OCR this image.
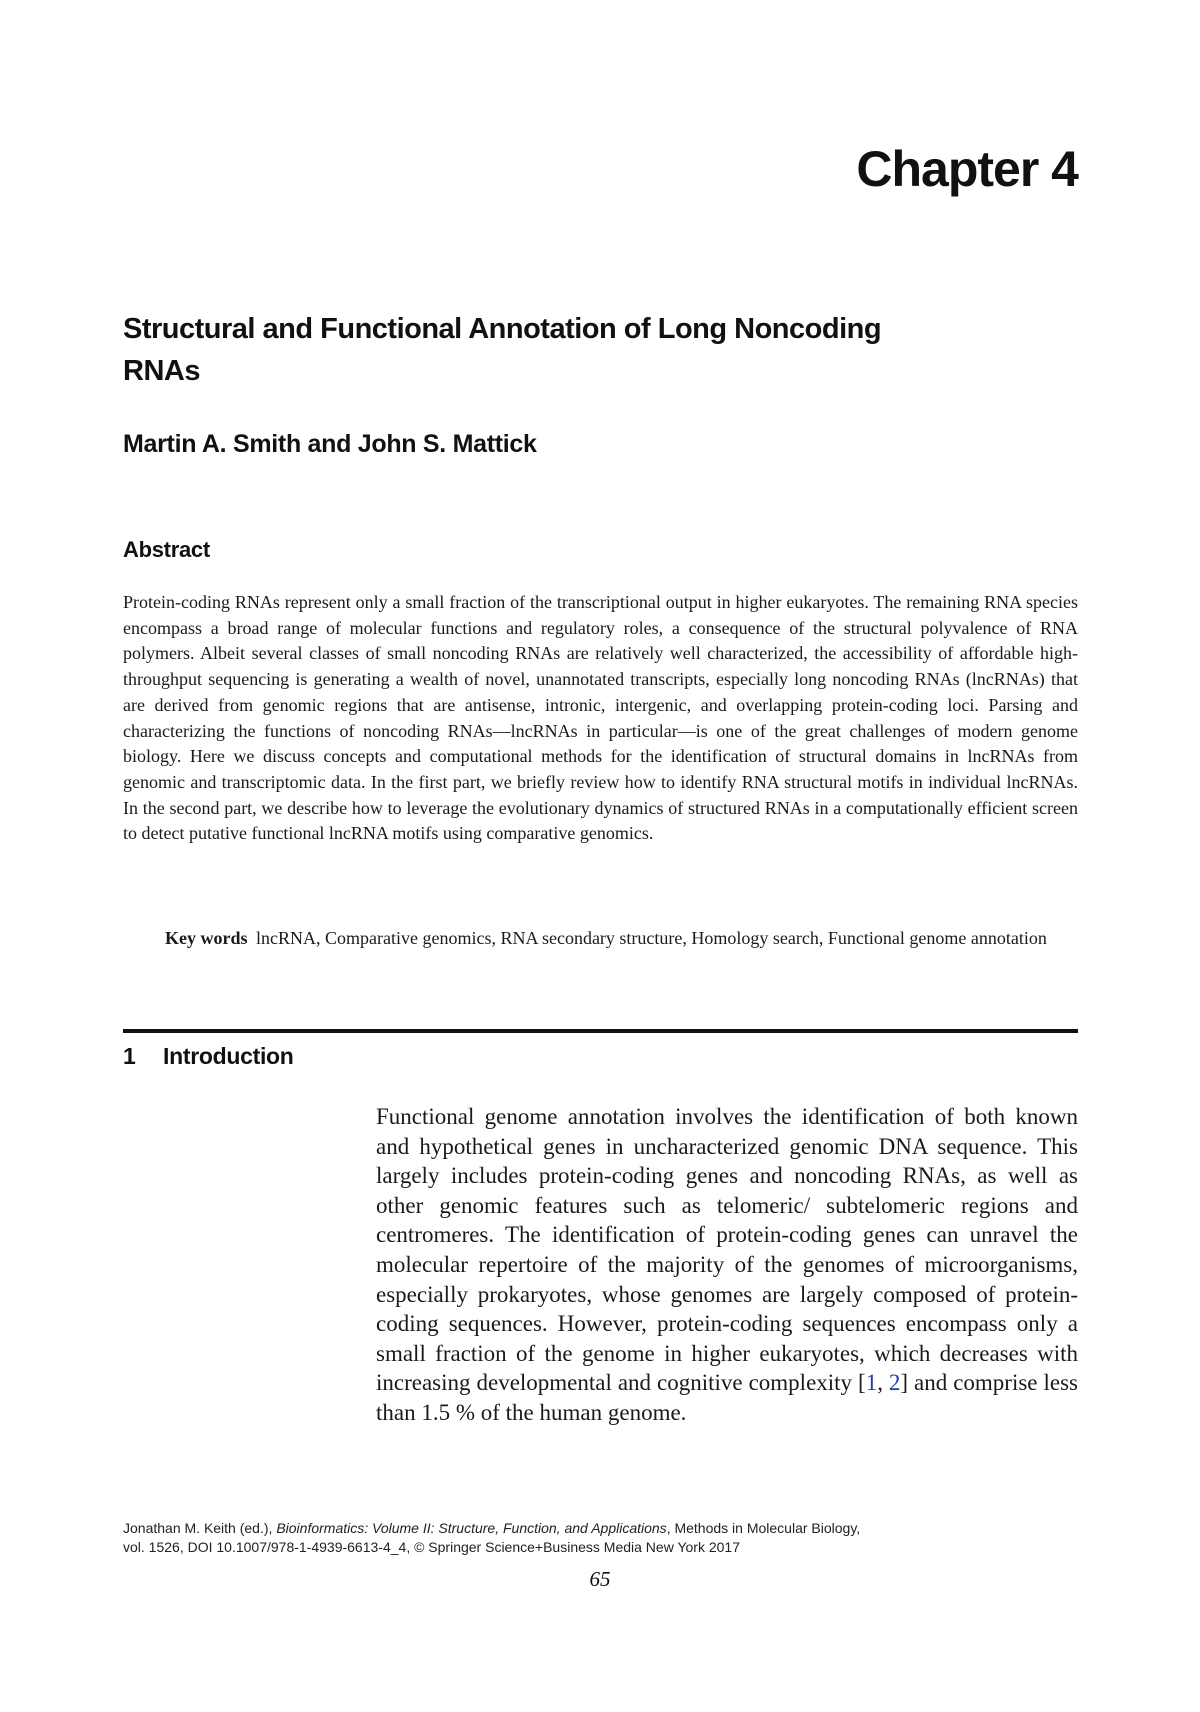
Chapter 4
Structural and Functional Annotation of Long Noncoding RNAs
Martin A. Smith and John S. Mattick
Abstract
Protein-coding RNAs represent only a small fraction of the transcriptional output in higher eukaryotes. The remaining RNA species encompass a broad range of molecular functions and regulatory roles, a consequence of the structural polyvalence of RNA polymers. Albeit several classes of small noncoding RNAs are relatively well characterized, the accessibility of affordable high-throughput sequencing is generating a wealth of novel, unannotated transcripts, especially long noncoding RNAs (lncRNAs) that are derived from genomic regions that are antisense, intronic, intergenic, and overlapping protein-coding loci. Parsing and characterizing the functions of noncoding RNAs—lncRNAs in particular—is one of the great challenges of modern genome biology. Here we discuss concepts and computational methods for the identification of structural domains in lncRNAs from genomic and transcriptomic data. In the first part, we briefly review how to identify RNA structural motifs in individual lncRNAs. In the second part, we describe how to leverage the evolutionary dynamics of structured RNAs in a computationally efficient screen to detect putative functional lncRNA motifs using comparative genomics.
Key words lncRNA, Comparative genomics, RNA secondary structure, Homology search, Functional genome annotation
1 Introduction
Functional genome annotation involves the identification of both known and hypothetical genes in uncharacterized genomic DNA sequence. This largely includes protein-coding genes and noncoding RNAs, as well as other genomic features such as telomeric/ subtelomeric regions and centromeres. The identification of protein-coding genes can unravel the molecular repertoire of the majority of the genomes of microorganisms, especially prokaryotes, whose genomes are largely composed of protein-coding sequences. However, protein-coding sequences encompass only a small fraction of the genome in higher eukaryotes, which decreases with increasing developmental and cognitive complexity [1, 2] and comprise less than 1.5 % of the human genome.
Jonathan M. Keith (ed.), Bioinformatics: Volume II: Structure, Function, and Applications, Methods in Molecular Biology,
vol. 1526, DOI 10.1007/978-1-4939-6613-4_4, © Springer Science+Business Media New York 2017
65
